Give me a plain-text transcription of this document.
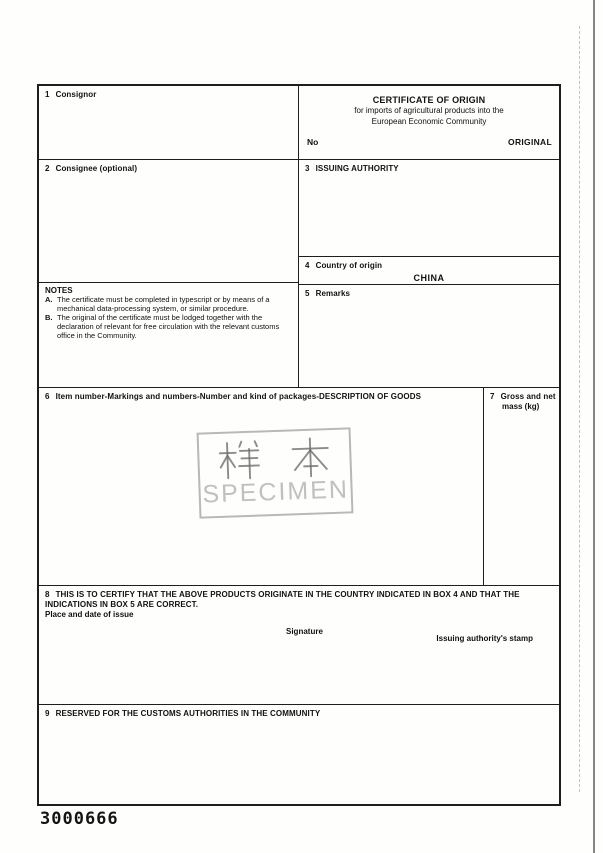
1 Consignor
CERTIFICATE OF ORIGIN
for imports of agricultural products into the
European Economic Community
No	ORIGINAL
2 Consignee (optional)	3 ISSUING AUTHORITY
4 Country of origin
CHINA
5 Remarks
NOTES
A. The certificate must be completed in typescript or by means of a mechanical data-processing system, or similar procedure.
B. The original of the certificate must be lodged together with the declaration of relevant for free circulation with the relevant customs office in the Community.
6 Item number-Markings and numbers-Number and kind of packages-DESCRIPTION OF GOODS	7 Gross and net
mass (kg)
8 THIS IS TO CERTIFY THAT THE ABOVE PRODUCTS ORIGINATE IN THE COUNTRY INDICATED IN BOX 4 AND THAT THE INDICATIONS IN BOX 5 ARE CORRECT.
Place and date of issue
Signature
Issuing authority's stamp
9 RESERVED FOR THE CUSTOMS AUTHORITIES IN THE COMMUNITY
SPECIMEN
3000666
